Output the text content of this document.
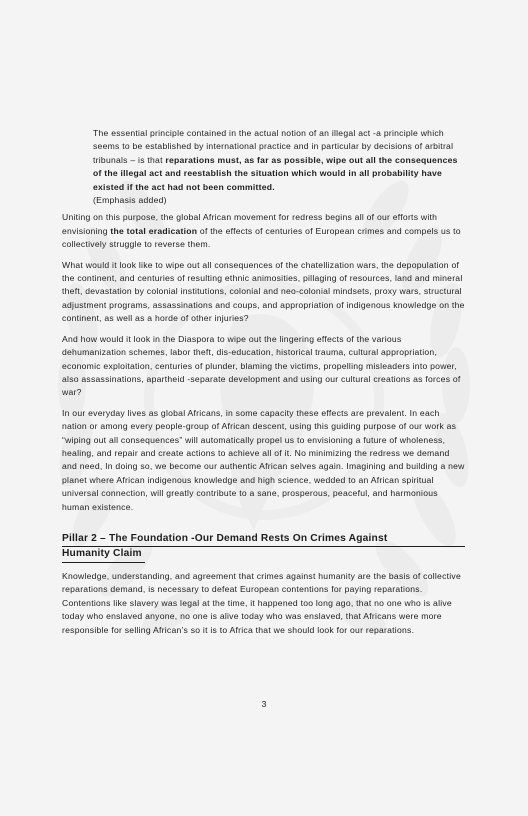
The essential principle contained in the actual notion of an illegal act -a principle which seems to be established by international practice and in particular by decisions of arbitral tribunals – is that reparations must, as far as possible, wipe out all the consequences of the illegal act and reestablish the situation which would in all probability have existed if the act had not been committed.

(Emphasis added)

Uniting on this purpose, the global African movement for redress begins all of our efforts with envisioning the total eradication of the effects of centuries of European crimes and compels us to collectively struggle to reverse them.

What would it look like to wipe out all consequences of the chatellization wars, the depopulation of the continent, and centuries of resulting ethnic animosities, pillaging of resources, land and mineral theft, devastation by colonial institutions, colonial and neo-colonial mindsets, proxy wars, structural adjustment programs, assassinations and coups, and appropriation of indigenous knowledge on the continent, as well as a horde of other injuries?

And how would it look in the Diaspora to wipe out the lingering effects of the various dehumanization schemes, labor theft, dis-education, historical trauma, cultural appropriation, economic exploitation, centuries of plunder, blaming the victims, propelling misleaders into power, also assassinations, apartheid -separate development and using our cultural creations as forces of war?

In our everyday lives as global Africans, in some capacity these effects are prevalent. In each nation or among every people-group of African descent, using this guiding purpose of our work as “wiping out all consequences” will automatically propel us to envisioning a future of wholeness, healing, and repair and create actions to achieve all of it. No minimizing the redress we demand and need, In doing so, we become our authentic African selves again. Imagining and building a new planet where African indigenous knowledge and high science, wedded to an African spiritual universal connection, will greatly contribute to a sane, prosperous, peaceful, and harmonious human existence.

Pillar 2 – The Foundation -Our Demand Rests On Crimes Against
Humanity Claim

Knowledge, understanding, and agreement that crimes against humanity are the basis of collective reparations demand, is necessary to defeat European contentions for paying reparations. Contentions like slavery was legal at the time, it happened too long ago, that no one who is alive today who enslaved anyone, no one is alive today who was enslaved, that Africans were more responsible for selling African’s so it is to Africa that we should look for our reparations.

3
